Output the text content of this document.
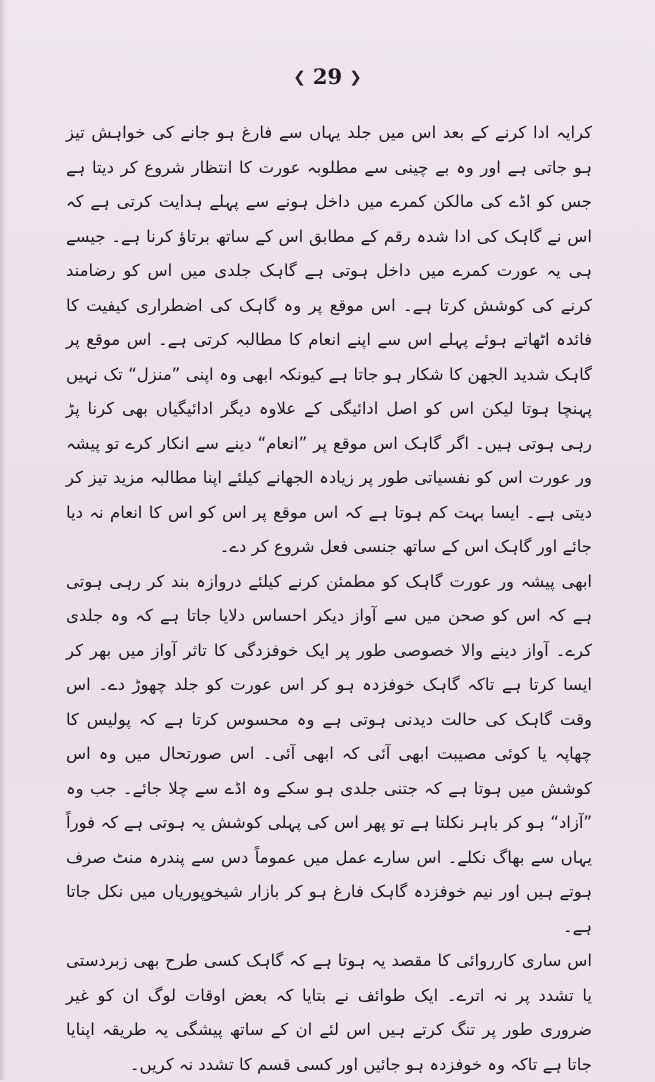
❮ 29 ❯

کرایہ ادا کرنے کے بعد اس میں جلد یہاں سے فارغ ہو جانے کی خواہش تیز ہو جاتی ہے اور وہ بے چینی سے مطلوبہ عورت کا انتظار شروع کر دیتا ہے جس کو اڈے کی مالکن کمرے میں داخل ہونے سے پہلے ہدایت کرتی ہے کہ اس نے گاہک کی ادا شدہ رقم کے مطابق اس کے ساتھ برتاؤ کرنا ہے۔ جیسے ہی یہ عورت کمرے میں داخل ہوتی ہے گاہک جلدی میں اس کو رضامند کرنے کی کوشش کرتا ہے۔ اس موقع پر وہ گاہک کی اضطراری کیفیت کا فائدہ اٹھاتے ہوئے پہلے اس سے اپنے انعام کا مطالبہ کرتی ہے۔ اس موقع پر گاہک شدید الجھن کا شکار ہو جاتا ہے کیونکہ ابھی وہ اپنی ”منزل“ تک نہیں پہنچا ہوتا لیکن اس کو اصل ادائیگی کے علاوہ دیگر ادائیگیاں بھی کرنا پڑ رہی ہوتی ہیں۔ اگر گاہک اس موقع پر ”انعام“ دینے سے انکار کرے تو پیشہ ور عورت اس کو نفسیاتی طور پر زیادہ الجھانے کیلئے اپنا مطالبہ مزید تیز کر دیتی ہے۔ ایسا بہت کم ہوتا ہے کہ اس موقع پر اس کو اس کا انعام نہ دیا جائے اور گاہک اس کے ساتھ جنسی فعل شروع کر دے۔

ابھی پیشہ ور عورت گاہک کو مطمئن کرنے کیلئے دروازہ بند کر رہی ہوتی ہے کہ اس کو صحن میں سے آواز دیکر احساس دلایا جاتا ہے کہ وہ جلدی کرے۔ آواز دینے والا خصوصی طور پر ایک خوفزدگی کا تاثر آواز میں بھر کر ایسا کرتا ہے تاکہ گاہک خوفزدہ ہو کر اس عورت کو جلد چھوڑ دے۔ اس وقت گاہک کی حالت دیدنی ہوتی ہے وہ محسوس کرتا ہے کہ پولیس کا چھاپہ یا کوئی مصیبت ابھی آئی کہ ابھی آئی۔ اس صورتحال میں وہ اس کوشش میں ہوتا ہے کہ جتنی جلدی ہو سکے وہ اڈے سے چلا جائے۔ جب وہ ”آزاد“ ہو کر باہر نکلتا ہے تو پھر اس کی پہلی کوشش یہ ہوتی ہے کہ فوراً یہاں سے بھاگ نکلے۔ اس سارے عمل میں عموماً دس سے پندرہ منٹ صرف ہوتے ہیں اور نیم خوفزدہ گاہک فارغ ہو کر بازار شیخوپوریاں میں نکل جاتا ہے۔

اس ساری کارروائی کا مقصد یہ ہوتا ہے کہ گاہک کسی طرح بھی زبردستی یا تشدد پر نہ اترے۔ ایک طوائف نے بتایا کہ بعض اوقات لوگ ان کو غیر ضروری طور پر تنگ کرتے ہیں اس لئے ان کے ساتھ پیشگی یہ طریقہ اپنایا جاتا ہے تاکہ وہ خوفزدہ ہو جائیں اور کسی قسم کا تشدد نہ کریں۔
